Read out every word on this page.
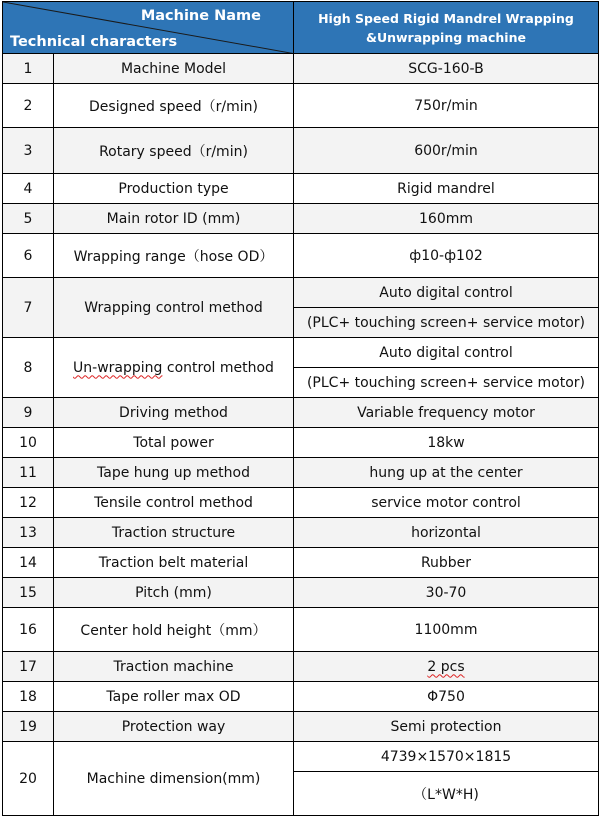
Machine Name
Technical characters		High Speed Rigid Mandrel Wrapping &Unwrapping machine
1	Machine Model	SCG-160-B
2	Designed speed（r/min)	750r/min
3	Rotary speed（r/min)	600r/min
4	Production type	Rigid mandrel
5	Main rotor ID (mm)	160mm
6	Wrapping range（hose OD）	ф10-ф102
7	Wrapping control method	Auto digital control
		(PLC+ touching screen+ service motor)
8	Un-wrapping control method	Auto digital control
		(PLC+ touching screen+ service motor)
9	Driving method	Variable frequency motor
10	Total power	18kw
11	Tape hung up method	hung up at the center
12	Tensile control method	service motor control
13	Traction structure	horizontal
14	Traction belt material	Rubber
15	Pitch (mm)	30-70
16	Center hold height（mm）	1100mm
17	Traction machine	2 pcs
18	Tape roller max OD	Φ750
19	Protection way	Semi protection
20	Machine dimension(mm)	4739×1570×1815
		（L*W*H)
